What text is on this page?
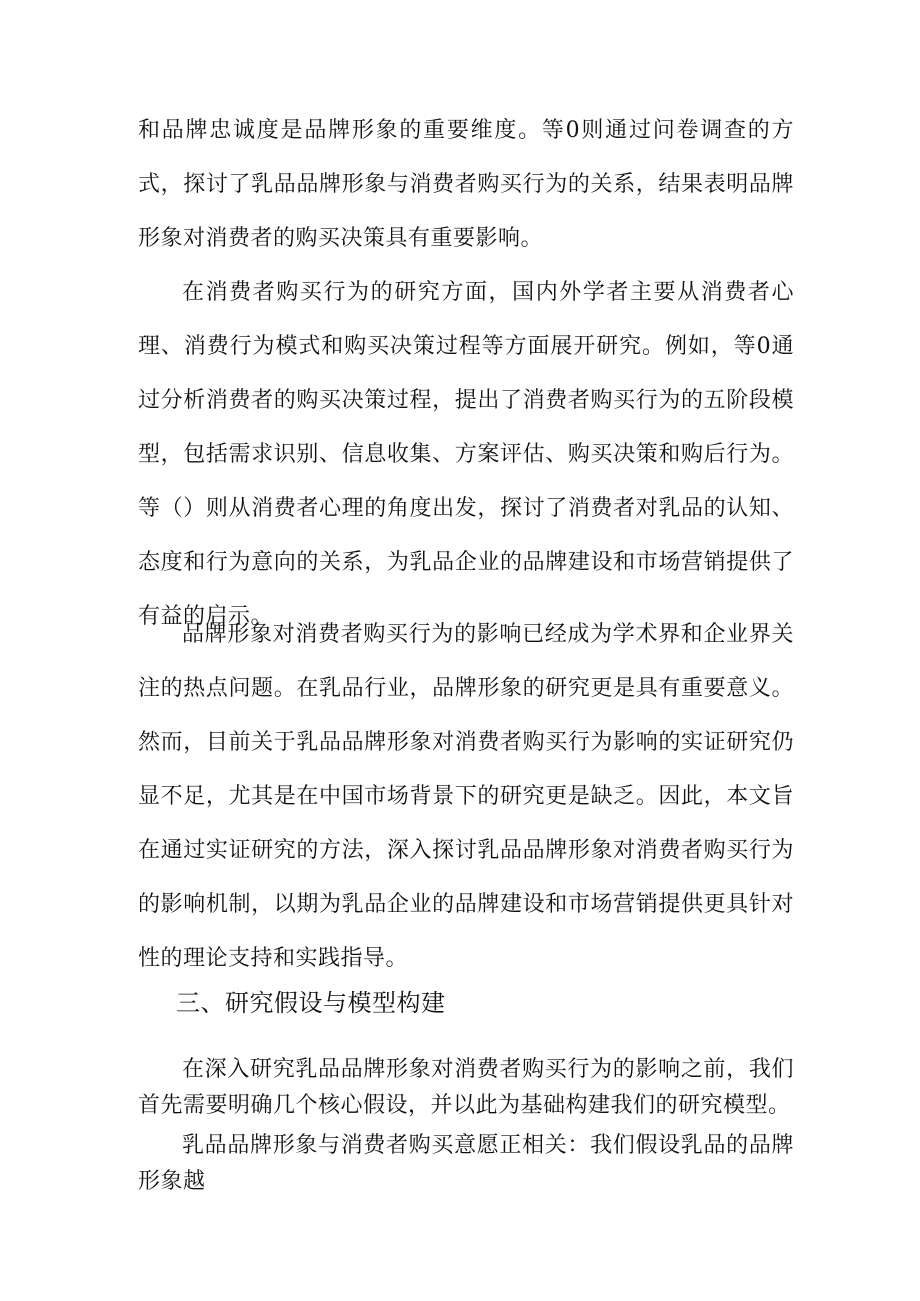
和品牌忠诚度是品牌形象的重要维度。等0则通过问卷调查的方式，探讨了乳品品牌形象与消费者购买行为的关系，结果表明品牌形象对消费者的购买决策具有重要影响。

在消费者购买行为的研究方面，国内外学者主要从消费者心理、消费行为模式和购买决策过程等方面展开研究。例如，等0通过分析消费者的购买决策过程，提出了消费者购买行为的五阶段模型，包括需求识别、信息收集、方案评估、购买决策和购后行为。等（）则从消费者心理的角度出发，探讨了消费者对乳品的认知、态度和行为意向的关系，为乳品企业的品牌建设和市场营销提供了有益的启示。

品牌形象对消费者购买行为的影响已经成为学术界和企业界关注的热点问题。在乳品行业，品牌形象的研究更是具有重要意义。然而，目前关于乳品品牌形象对消费者购买行为影响的实证研究仍显不足，尤其是在中国市场背景下的研究更是缺乏。因此，本文旨在通过实证研究的方法，深入探讨乳品品牌形象对消费者购买行为的影响机制，以期为乳品企业的品牌建设和市场营销提供更具针对性的理论支持和实践指导。

三、研究假设与模型构建

在深入研究乳品品牌形象对消费者购买行为的影响之前，我们首先需要明确几个核心假设，并以此为基础构建我们的研究模型。

乳品品牌形象与消费者购买意愿正相关：我们假设乳品的品牌形象越
